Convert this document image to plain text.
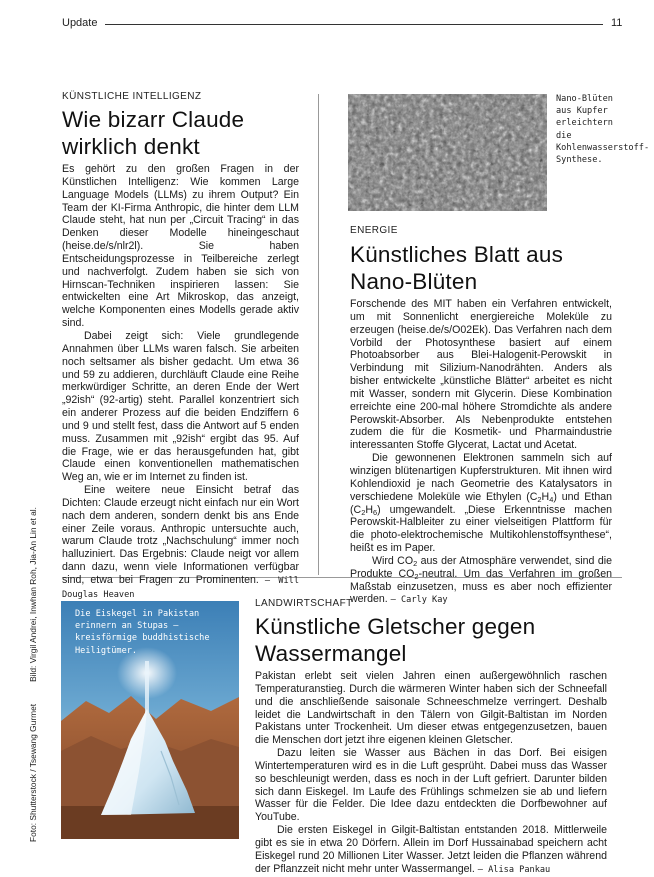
Update	11
KÜNSTLICHE INTELLIGENZ
Wie bizarr Claude wirklich denkt

Es gehört zu den großen Fragen in der Künstlichen Intelligenz: Wie kommen Large Language Models (LLMs) zu ihrem Output? Ein Team der KI-Firma Anthropic, die hinter dem LLM Claude steht, hat nun per „Circuit Tracing“ in das Denken dieser Modelle hineingeschaut (heise.de/s/nlr2l). Sie haben Entscheidungsprozesse in Teilbereiche zerlegt und nachverfolgt. Zudem haben sie sich von Hirnscan-Techniken inspirieren lassen: Sie entwickelten eine Art Mikroskop, das anzeigt, welche Komponenten eines Modells gerade aktiv sind.

Dabei zeigt sich: Viele grundlegende Annahmen über LLMs waren falsch. Sie arbeiten noch seltsamer als bisher gedacht. Um etwa 36 und 59 zu addieren, durchläuft Claude eine Reihe merkwürdiger Schritte, an deren Ende der Wert „92ish“ (92-artig) steht. Parallel konzentriert sich ein anderer Prozess auf die beiden Endziffern 6 und 9 und stellt fest, dass die Antwort auf 5 enden muss. Zusammen mit „92ish“ ergibt das 95. Auf die Frage, wie er das herausgefunden hat, gibt Claude einen konventionellen mathematischen Weg an, wie er im Internet zu finden ist.

Eine weitere neue Einsicht betraf das Dichten: Claude erzeugt nicht einfach nur ein Wort nach dem anderen, sondern denkt bis ans Ende einer Zeile voraus. Anthropic untersuchte auch, warum Claude trotz „Nachschulung“ immer noch halluziniert. Das Ergebnis: Claude neigt vor allem dann dazu, wenn viele Informationen verfügbar sind, etwa bei Fragen zu Prominenten. – Will Douglas Heaven

Nano-Blüten aus Kupfer erleichtern die Kohlenwasserstoff-Synthese.
ENERGIE
Künstliches Blatt aus Nano-Blüten

Forschende des MIT haben ein Verfahren entwickelt, um mit Sonnenlicht energiereiche Moleküle zu erzeugen (heise.de/s/O02Ek). Das Verfahren nach dem Vorbild der Photosynthese basiert auf einem Photoabsorber aus Blei-Halogenit-Perowskit in Verbindung mit Silizium-Nanodrähten. Anders als bisher entwickelte „künstliche Blätter“ arbeitet es nicht mit Wasser, sondern mit Glycerin. Diese Kombination erreichte eine 200-mal höhere Stromdichte als andere Perowskit-Absorber. Als Nebenprodukte entstehen zudem die für die Kosmetik- und Pharmaindustrie interessanten Stoffe Glycerat, Lactat und Acetat.

Die gewonnenen Elektronen sammeln sich auf winzigen blütenartigen Kupferstrukturen. Mit ihnen wird Kohlendioxid je nach Geometrie des Katalysators in verschiedene Moleküle wie Ethylen $(C_2H_4)$ und Ethan $(C_2H_6)$ umgewandelt. „Diese Erkenntnisse machen Perowskit-Halbleiter zu einer vielseitigen Plattform für die photo-elektrochemische Multikohlenstoffsynthese“, heißt es im Paper.

Wird $CO_2$ aus der Atmosphäre verwendet, sind die Produkte $CO_2$-neutral. Um das Verfahren im großen Maßstab einzusetzen, muss es aber noch effizienter werden. – Carly Kay

Die Eiskegel in Pakistan erinnern an Stupas – kreisförmige buddhistische Heiligtümer.
LANDWIRTSCHAFT
Künstliche Gletscher gegen Wassermangel

Pakistan erlebt seit vielen Jahren einen außergewöhnlich raschen Temperaturanstieg. Durch die wärmeren Winter haben sich der Schneefall und die anschließende saisonale Schneeschmelze verringert. Deshalb leidet die Landwirtschaft in den Tälern von Gilgit-Baltistan im Norden Pakistans unter Trockenheit. Um dieser etwas entgegenzusetzen, bauen die Menschen dort jetzt ihre eigenen kleinen Gletscher.

Dazu leiten sie Wasser aus Bächen in das Dorf. Bei eisigen Wintertemperaturen wird es in die Luft gesprüht. Dabei muss das Wasser so beschleunigt werden, dass es noch in der Luft gefriert. Darunter bilden sich dann Eiskegel. Im Laufe des Frühlings schmelzen sie ab und liefern Wasser für die Felder. Die Idee dazu entdeckten die Dorfbewohner auf YouTube.

Die ersten Eiskegel in Gilgit-Baltistan entstanden 2018. Mittlerweile gibt es sie in etwa 20 Dörfern. Allein im Dorf Hussainabad speichern acht Eiskegel rund 20 Millionen Liter Wasser. Jetzt leiden die Pflanzen während der Pflanzzeit nicht mehr unter Wassermangel. – Alisa Pankau

Foto: Shutterstock / Tsewang GurmetBild: Virgil Andrei, Inwhan Roh, Jia-An Lin et al.
